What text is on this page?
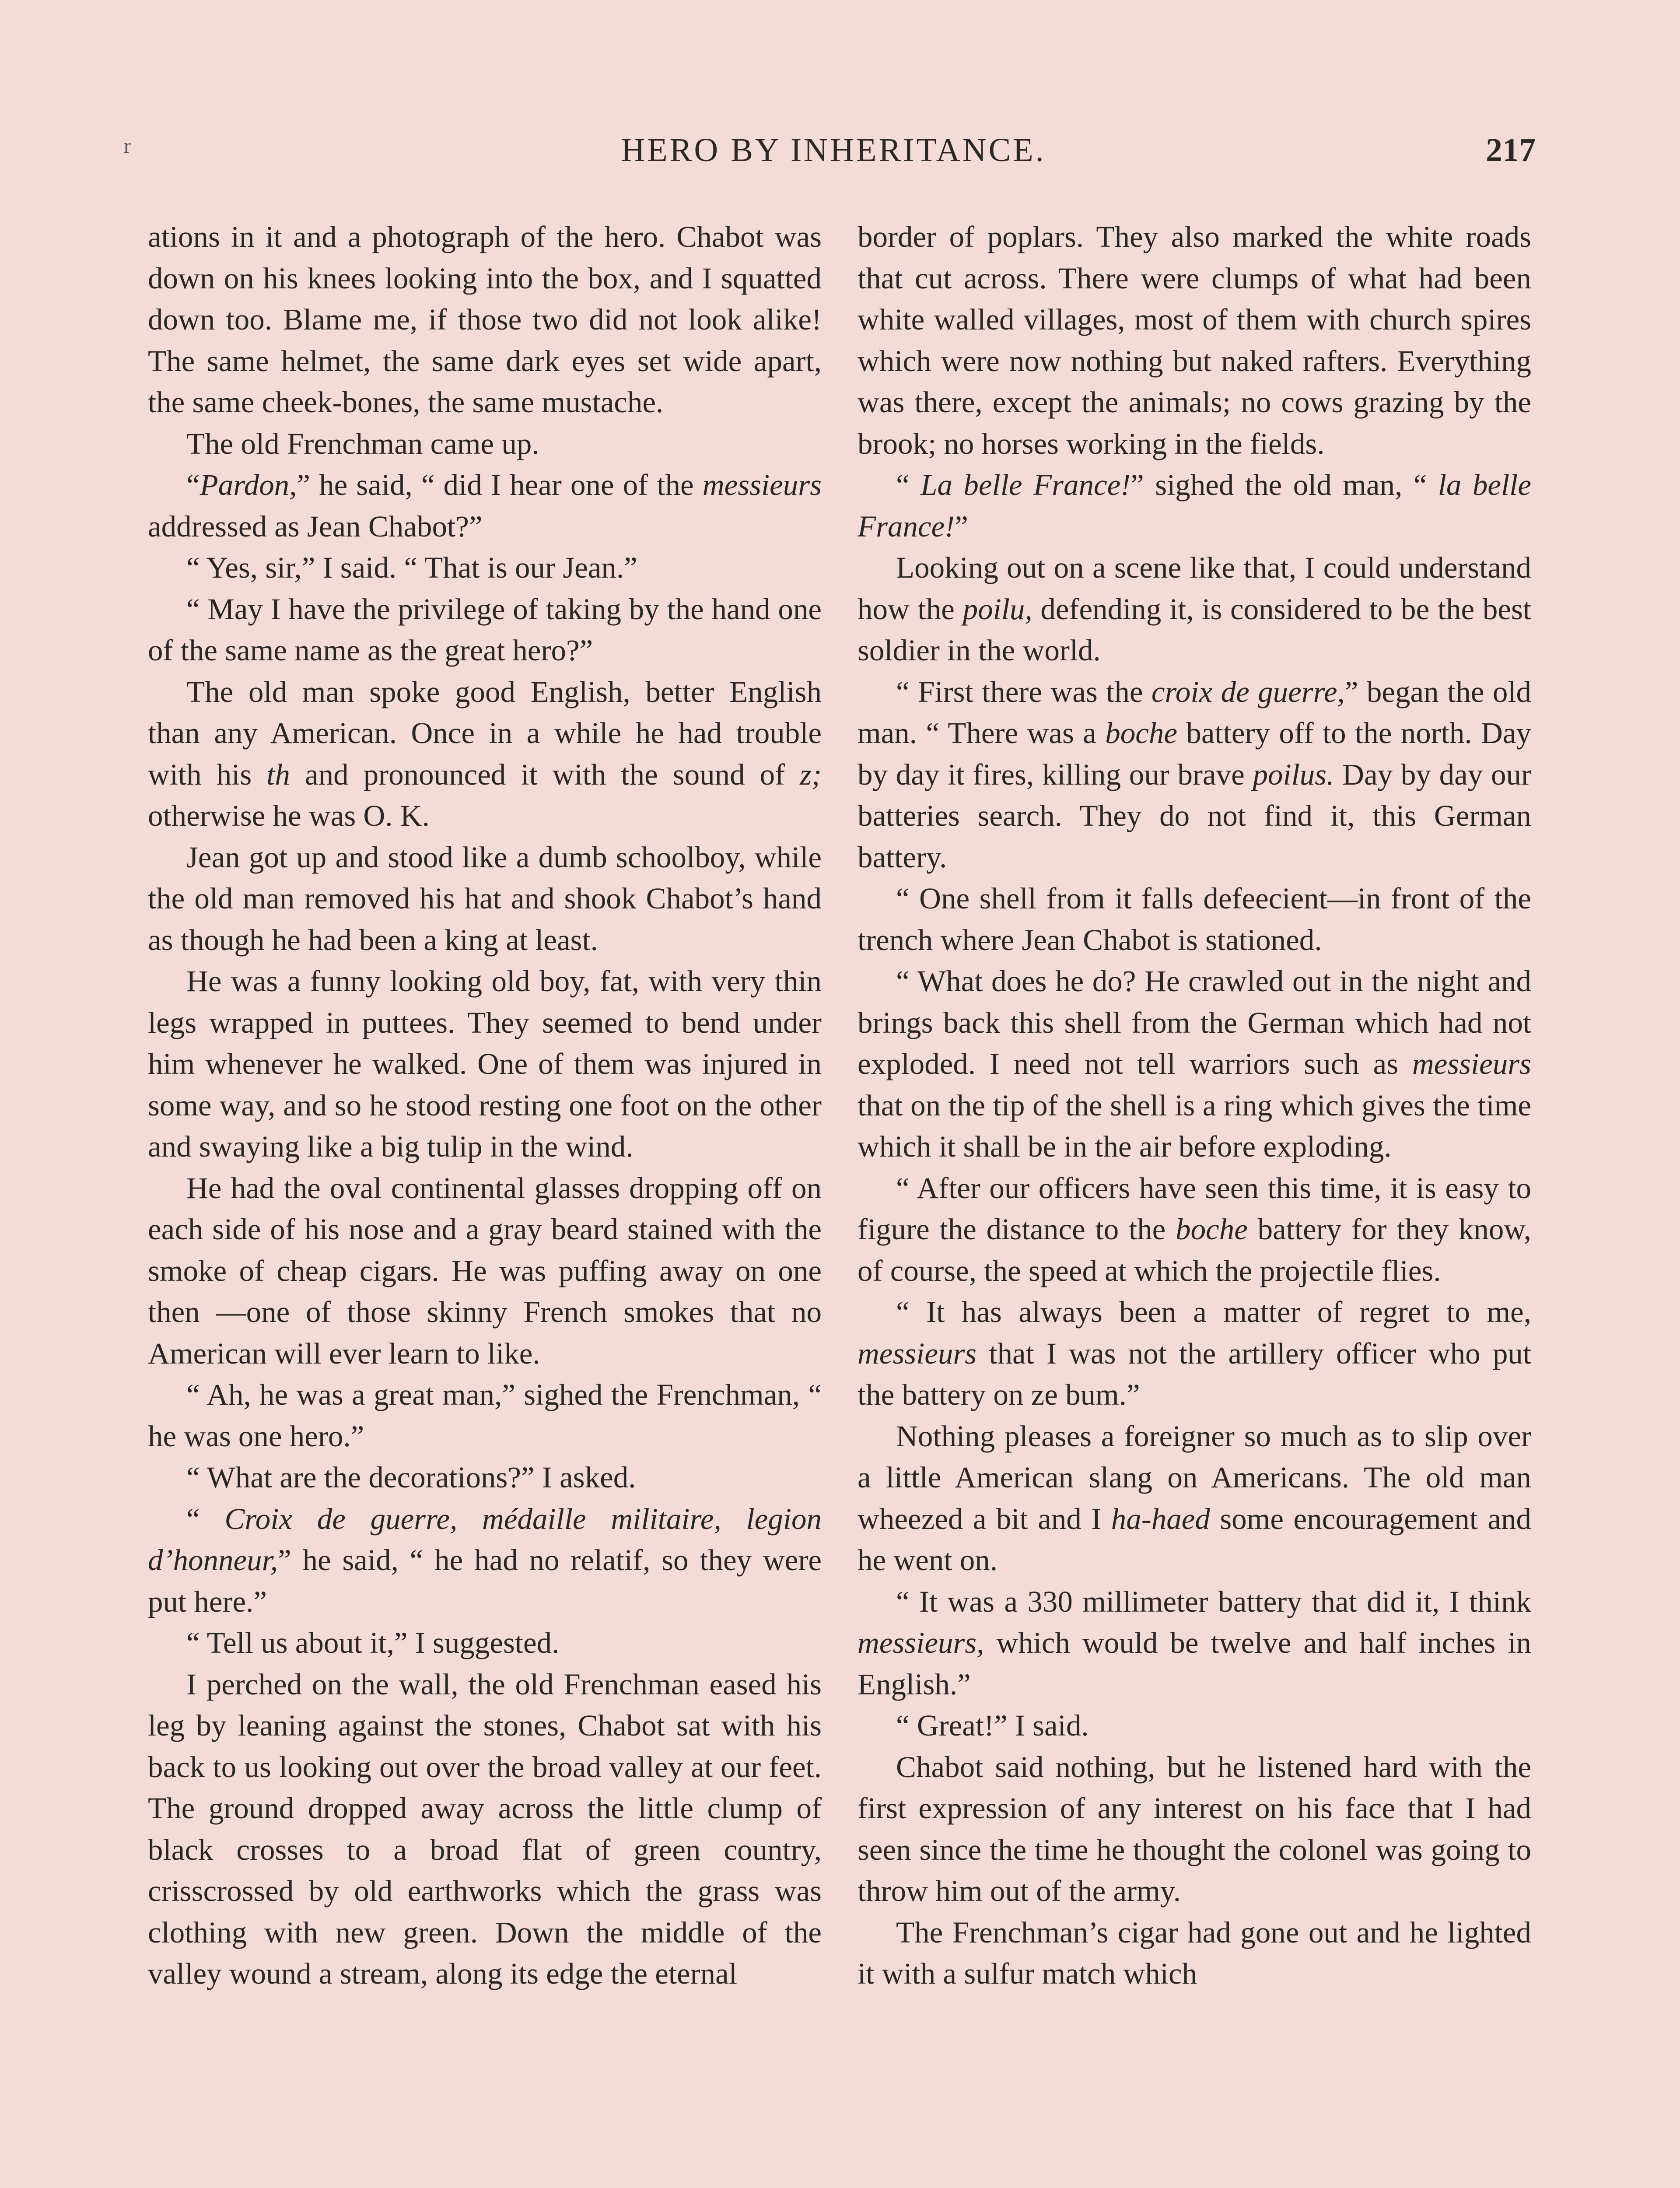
ʳ	HERO BY INHERITANCE.	217

ations in it and a photograph of the hero. Chabot was down on his knees looking into the box, and I squatted down too. Blame me, if those two did not look alike! The same helmet, the same dark eyes set wide apart, the same cheek-bones, the same mustache.

The old Frenchman came up.

“Pardon,” he said, “ did I hear one of the messieurs addressed as Jean Chabot?”

“ Yes, sir,” I said. “ That is our Jean.”

“ May I have the privilege of taking by the hand one of the same name as the great hero?”

The old man spoke good English, better English than any American. Once in a while he had trouble with his th and pronounced it with the sound of z; otherwise he was O. K.

Jean got up and stood like a dumb schoolboy, while the old man removed his hat and shook Chabot’s hand as though he had been a king at least.

He was a funny looking old boy, fat, with very thin legs wrapped in puttees. They seemed to bend under him whenever he walked. One of them was injured in some way, and so he stood resting one foot on the other and swaying like a big tulip in the wind.

He had the oval continental glasses dropping off on each side of his nose and a gray beard stained with the smoke of cheap cigars. He was puffing away on one then —one of those skinny French smokes that no American will ever learn to like.

“ Ah, he was a great man,” sighed the Frenchman, “ he was one hero.”

“ What are the decorations?” I asked.

“ Croix de guerre, médaille militaire, legion d’honneur,” he said, “ he had no relatif, so they were put here.”

“ Tell us about it,” I suggested.

I perched on the wall, the old Frenchman eased his leg by leaning against the stones, Chabot sat with his back to us looking out over the broad valley at our feet. The ground dropped away across the little clump of black crosses to a broad flat of green country, crisscrossed by old earthworks which the grass was clothing with new green. Down the middle of the valley wound a stream, along its edge the eternal

border of poplars. They also marked the white roads that cut across. There were clumps of what had been white walled villages, most of them with church spires which were now nothing but naked rafters. Everything was there, except the animals; no cows grazing by the brook; no horses working in the fields.

“ La belle France!” sighed the old man, “ la belle France!”

Looking out on a scene like that, I could understand how the poilu, defending it, is considered to be the best soldier in the world.

“ First there was the croix de guerre,” began the old man. “ There was a boche battery off to the north. Day by day it fires, killing our brave poilus. Day by day our batteries search. They do not find it, this German battery.

“ One shell from it falls defeecient—in front of the trench where Jean Chabot is stationed.

“ What does he do? He crawled out in the night and brings back this shell from the German which had not exploded. I need not tell warriors such as messieurs that on the tip of the shell is a ring which gives the time which it shall be in the air before exploding.

“ After our officers have seen this time, it is easy to figure the distance to the boche battery for they know, of course, the speed at which the projectile flies.

“ It has always been a matter of regret to me, messieurs that I was not the artillery officer who put the battery on ze bum.”

Nothing pleases a foreigner so much as to slip over a little American slang on Americans. The old man wheezed a bit and I ha-haed some encouragement and he went on.

“ It was a 330 millimeter battery that did it, I think messieurs, which would be twelve and half inches in English.”

“ Great!” I said.

Chabot said nothing, but he listened hard with the first expression of any interest on his face that I had seen since the time he thought the colonel was going to throw him out of the army.

The Frenchman’s cigar had gone out and he lighted it with a sulfur match which
